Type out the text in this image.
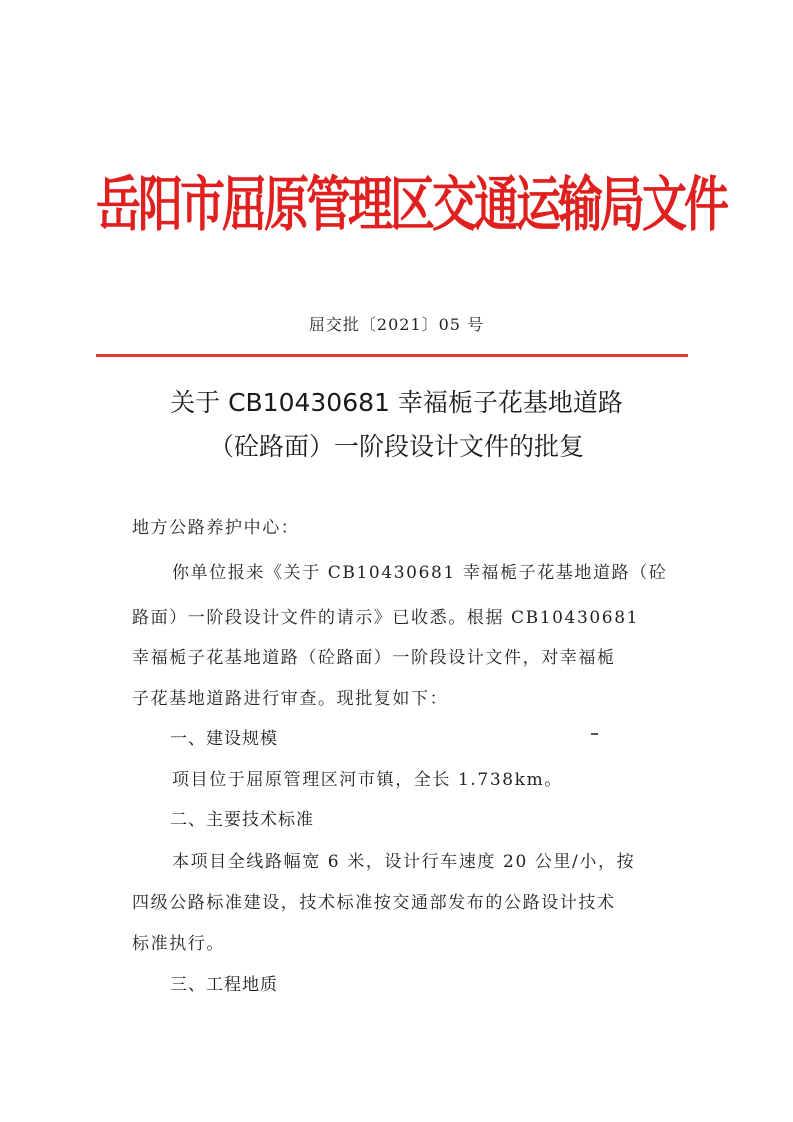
岳阳市屈原管理区交通运输局文件
屈交批〔2021〕05 号
关于 CB10430681 幸福栀子花基地道路
（砼路面）一阶段设计文件的批复
地方公路养护中心：
你单位报来《关于 CB10430681 幸福栀子花基地道路（砼
路面）一阶段设计文件的请示》已收悉。根据 CB10430681
幸福栀子花基地道路（砼路面）一阶段设计文件，对幸福栀
子花基地道路进行审查。现批复如下：
一、建设规模
项目位于屈原管理区河市镇，全长 1.738km。
二、主要技术标准
本项目全线路幅宽 6 米，设计行车速度 20 公里/小，按
四级公路标准建设，技术标准按交通部发布的公路设计技术
标准执行。
三、工程地质
